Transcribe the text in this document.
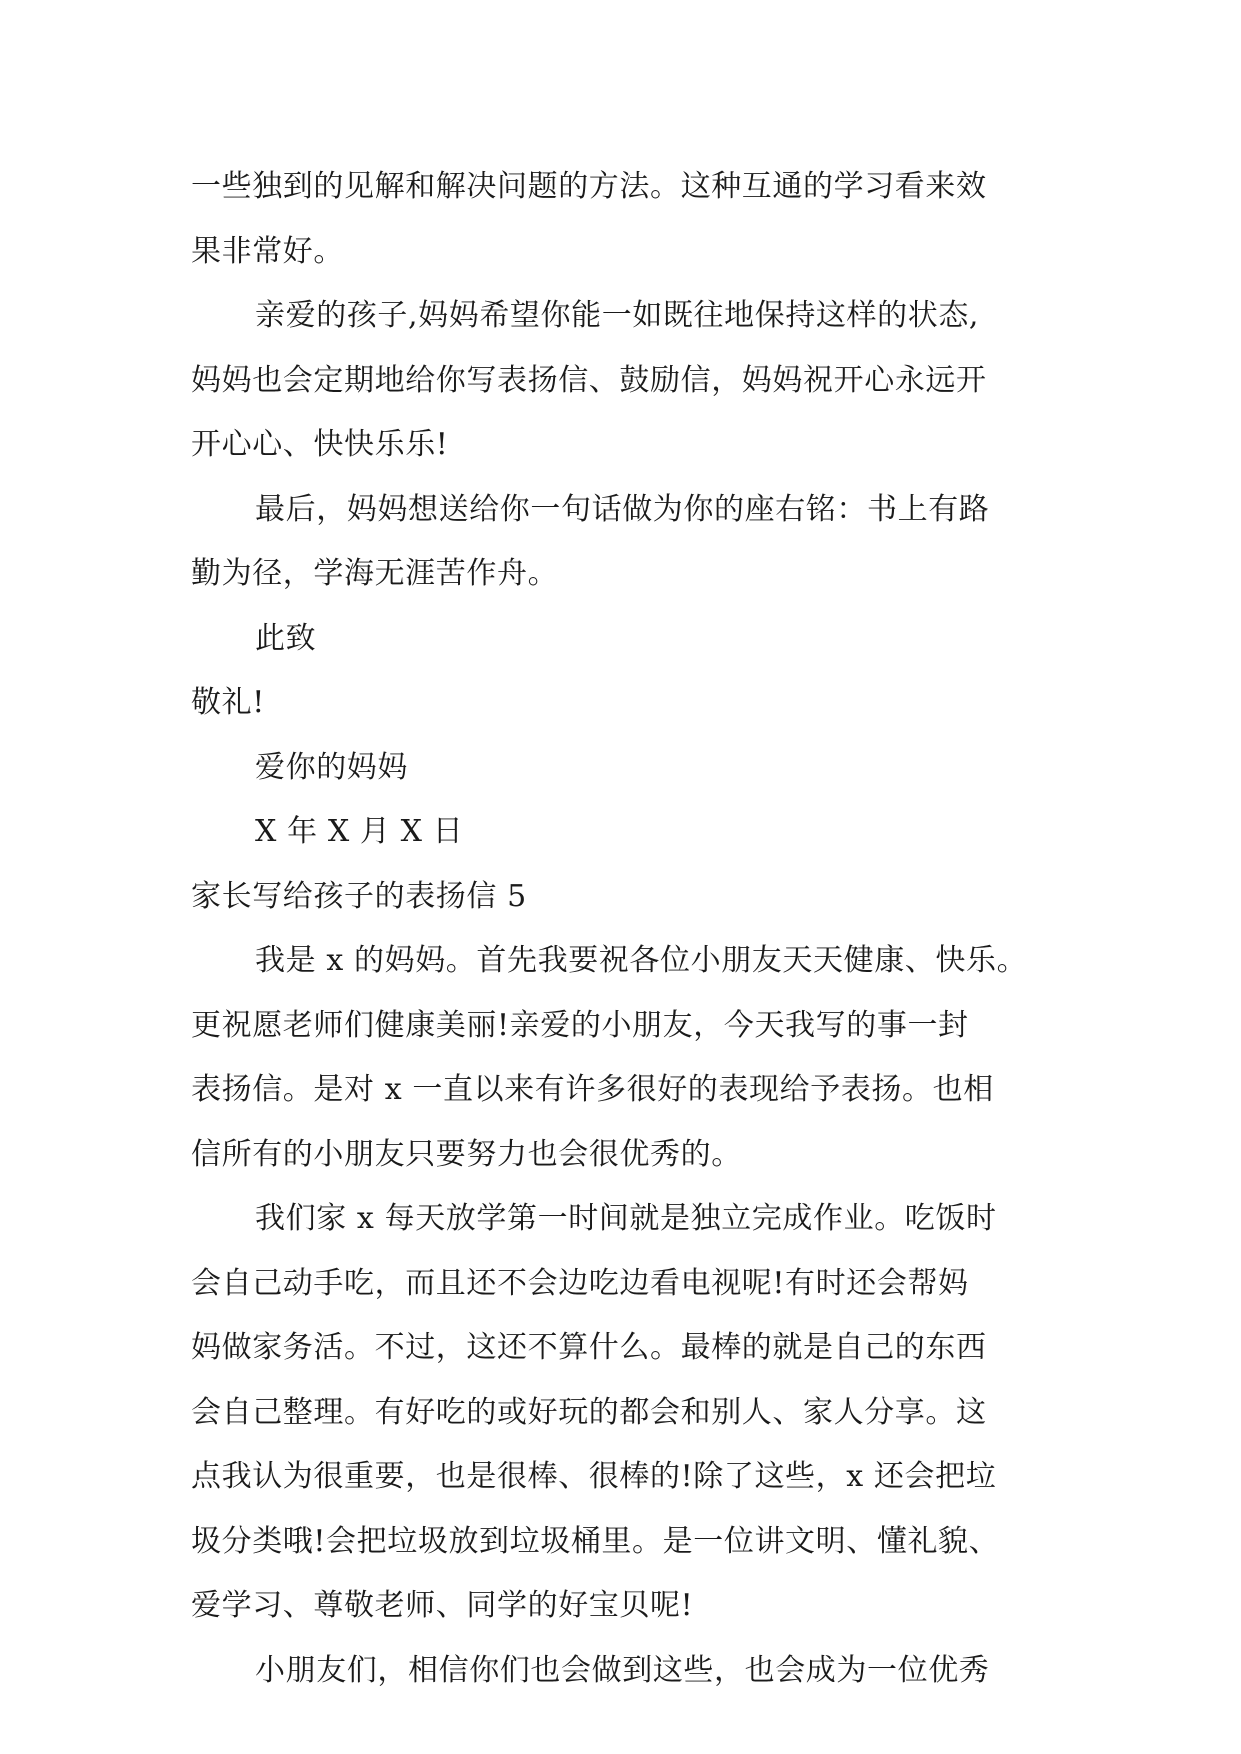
一些独到的见解和解决问题的方法。这种互通的学习看来效
果非常好。
亲爱的孩子,妈妈希望你能一如既往地保持这样的状态,
妈妈也会定期地给你写表扬信、鼓励信，妈妈祝开心永远开
开心心、快快乐乐!
最后，妈妈想送给你一句话做为你的座右铭：书上有路
勤为径，学海无涯苦作舟。
此致
敬礼!
爱你的妈妈
X 年 X 月 X 日
家长写给孩子的表扬信 5
我是 x 的妈妈。首先我要祝各位小朋友天天健康、快乐。
更祝愿老师们健康美丽!亲爱的小朋友，今天我写的事一封
表扬信。是对 x 一直以来有许多很好的表现给予表扬。也相
信所有的小朋友只要努力也会很优秀的。
我们家 x 每天放学第一时间就是独立完成作业。吃饭时
会自己动手吃，而且还不会边吃边看电视呢!有时还会帮妈
妈做家务活。不过，这还不算什么。最棒的就是自己的东西
会自己整理。有好吃的或好玩的都会和别人、家人分享。这
点我认为很重要，也是很棒、很棒的!除了这些，x 还会把垃
圾分类哦!会把垃圾放到垃圾桶里。是一位讲文明、懂礼貌、
爱学习、尊敬老师、同学的好宝贝呢!
小朋友们，相信你们也会做到这些，也会成为一位优秀
